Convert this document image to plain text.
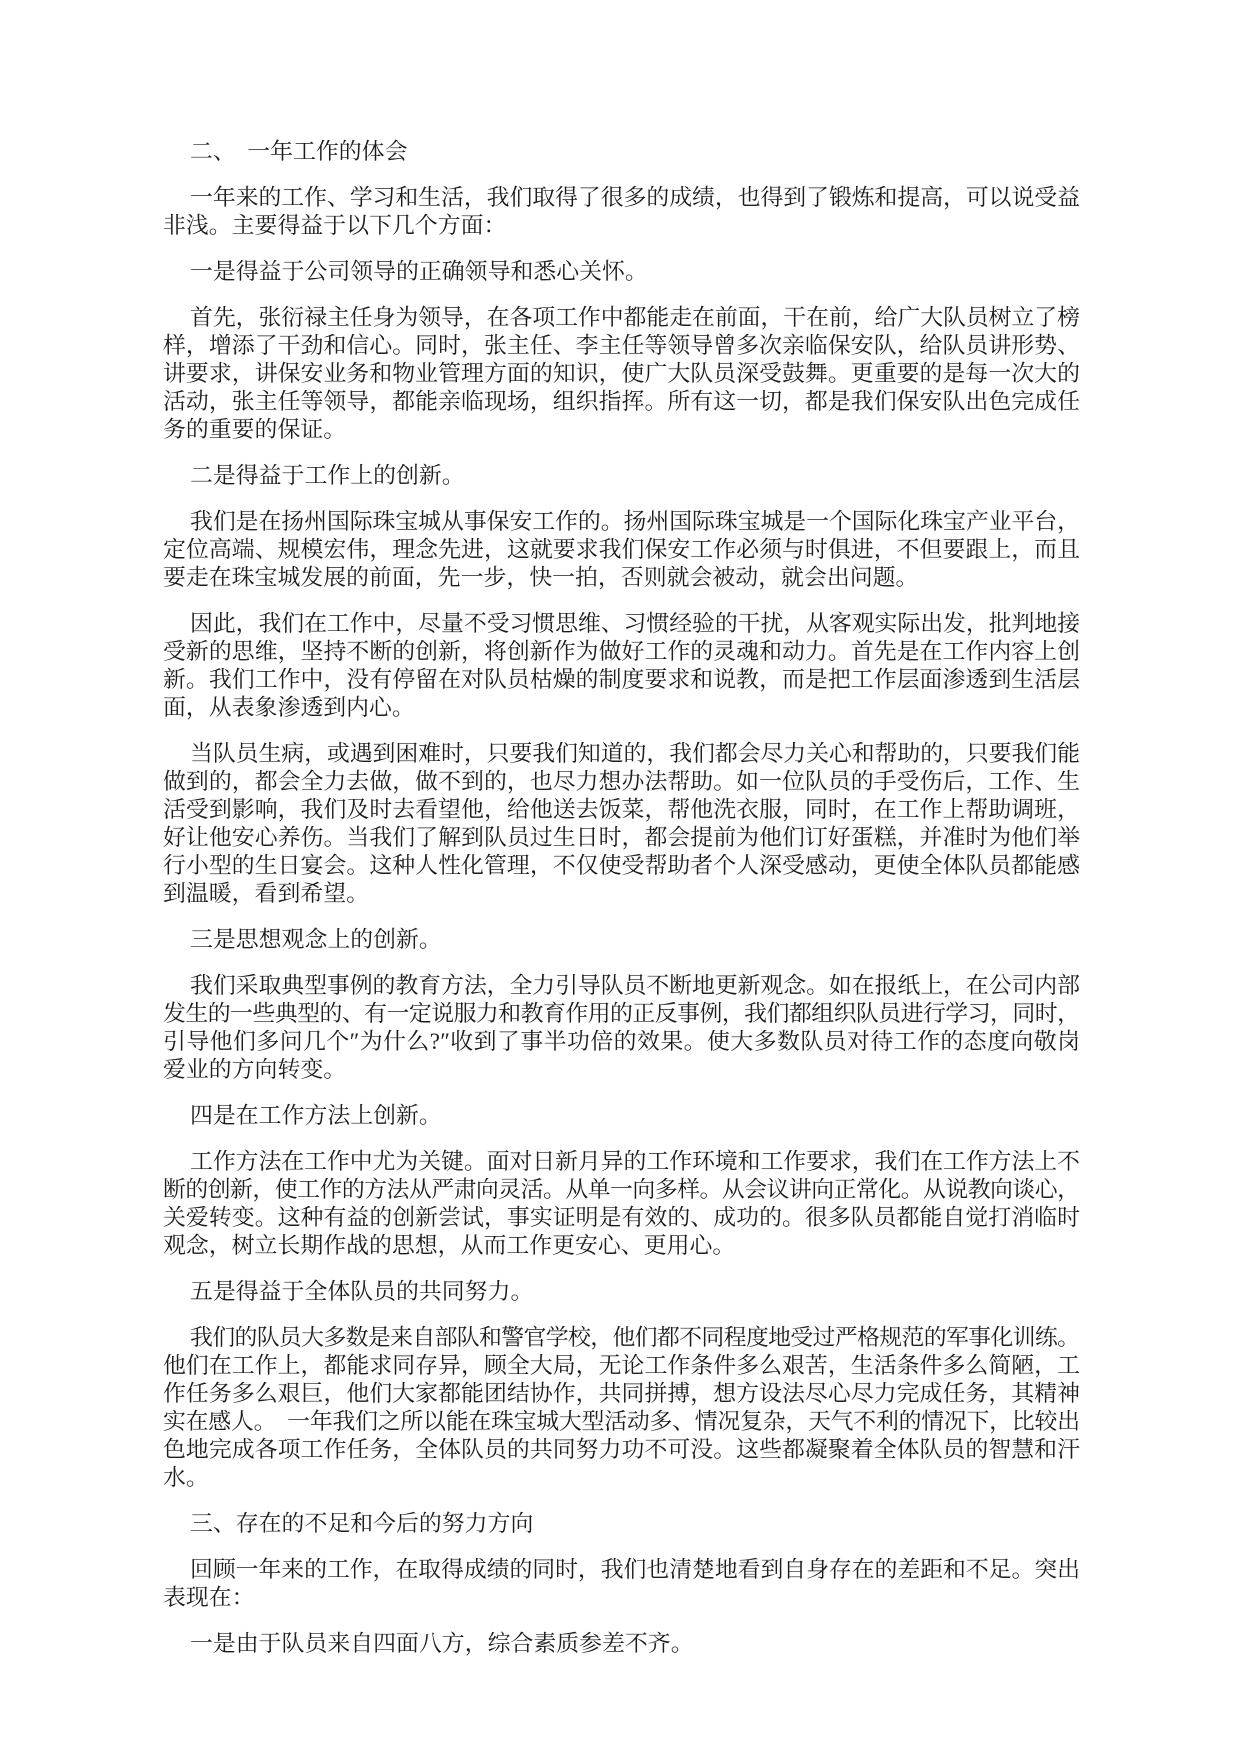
二、  一年工作的体会
一年来的工作、学习和生活，我们取得了很多的成绩，也得到了锻炼和提高，可以说受益
非浅。主要得益于以下几个方面：
一是得益于公司领导的正确领导和悉心关怀。
首先，张衍禄主任身为领导，在各项工作中都能走在前面，干在前，给广大队员树立了榜
样，增添了干劲和信心。同时，张主任、李主任等领导曾多次亲临保安队，给队员讲形势、
讲要求，讲保安业务和物业管理方面的知识，使广大队员深受鼓舞。更重要的是每一次大的
活动，张主任等领导，都能亲临现场，组织指挥。所有这一切，都是我们保安队出色完成任
务的重要的保证。
二是得益于工作上的创新。
我们是在扬州国际珠宝城从事保安工作的。扬州国际珠宝城是一个国际化珠宝产业平台，
定位高端、规模宏伟，理念先进，这就要求我们保安工作必须与时俱进，不但要跟上，而且
要走在珠宝城发展的前面，先一步，快一拍，否则就会被动，就会出问题。
因此，我们在工作中，尽量不受习惯思维、习惯经验的干扰，从客观实际出发，批判地接
受新的思维，坚持不断的创新，将创新作为做好工作的灵魂和动力。首先是在工作内容上创
新。我们工作中，没有停留在对队员枯燥的制度要求和说教，而是把工作层面渗透到生活层
面，从表象渗透到内心。
当队员生病，或遇到困难时，只要我们知道的，我们都会尽力关心和帮助的，只要我们能
做到的，都会全力去做，做不到的，也尽力想办法帮助。如一位队员的手受伤后，工作、生
活受到影响，我们及时去看望他，给他送去饭菜，帮他洗衣服，同时，在工作上帮助调班，
好让他安心养伤。当我们了解到队员过生日时，都会提前为他们订好蛋糕，并准时为他们举
行小型的生日宴会。这种人性化管理，不仅使受帮助者个人深受感动，更使全体队员都能感
到温暖，看到希望。
三是思想观念上的创新。
我们采取典型事例的教育方法，全力引导队员不断地更新观念。如在报纸上，在公司内部
发生的一些典型的、有一定说服力和教育作用的正反事例，我们都组织队员进行学习，同时，
引导他们多问几个″为什么?″收到了事半功倍的效果。使大多数队员对待工作的态度向敬岗
爱业的方向转变。
四是在工作方法上创新。
工作方法在工作中尤为关键。面对日新月异的工作环境和工作要求，我们在工作方法上不
断的创新，使工作的方法从严肃向灵活。从单一向多样。从会议讲向正常化。从说教向谈心，
关爱转变。这种有益的创新尝试，事实证明是有效的、成功的。很多队员都能自觉打消临时
观念，树立长期作战的思想，从而工作更安心、更用心。
五是得益于全体队员的共同努力。
我们的队员大多数是来自部队和警官学校，他们都不同程度地受过严格规范的军事化训练。
他们在工作上，都能求同存异，顾全大局，无论工作条件多么艰苦，生活条件多么简陋，工
作任务多么艰巨，他们大家都能团结协作，共同拼搏，想方设法尽心尽力完成任务，其精神
实在感人。  一年我们之所以能在珠宝城大型活动多、情况复杂，天气不利的情况下，比较出
色地完成各项工作任务，全体队员的共同努力功不可没。这些都凝聚着全体队员的智慧和汗
水。
三、存在的不足和今后的努力方向
回顾一年来的工作，在取得成绩的同时，我们也清楚地看到自身存在的差距和不足。突出
表现在：
一是由于队员来自四面八方，综合素质参差不齐。
